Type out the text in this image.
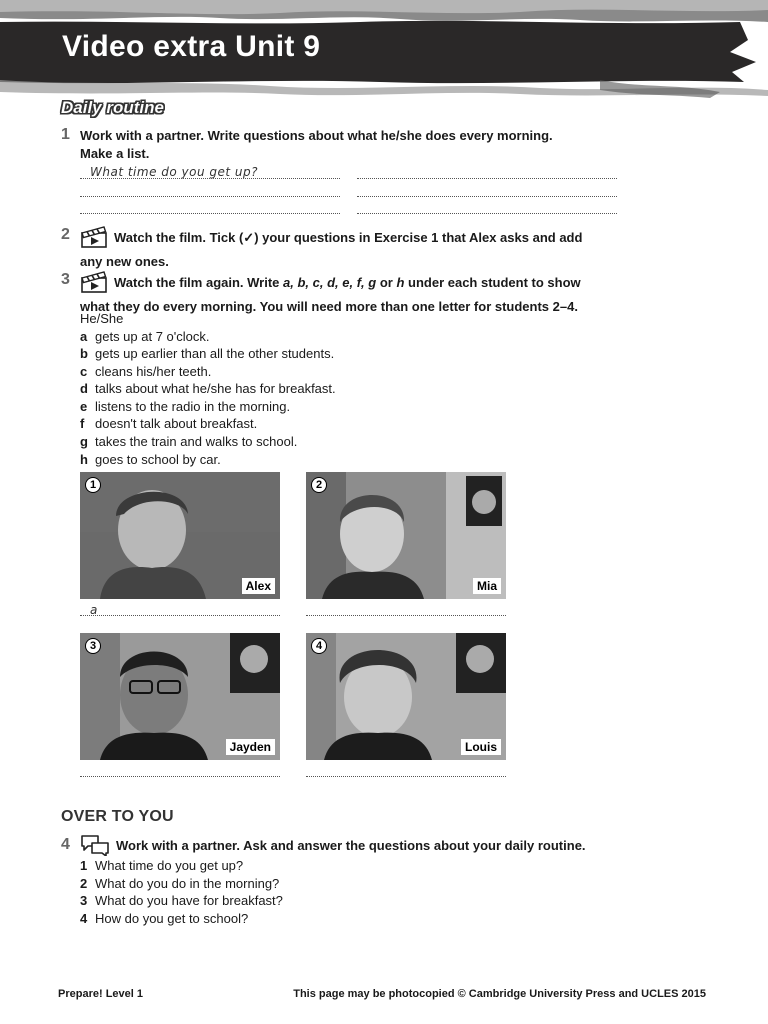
Video extra Unit 9
Daily routine
1 Work with a partner. Write questions about what he/she does every morning.
Make a list.
What time do you get up?
2	Watch the film. Tick (✓) your questions in Exercise 1 that Alex asks and add
any new ones.
3	Watch the film again. Write a, b, c, d, e, f, g or h under each student to show
what they do every morning. You will need more than one letter for students 2–4.
He/She
a gets up at 7 o'clock.
b gets up earlier than all the other students.
c cleans his/her teeth.
d talks about what he/she has for breakfast.
e listens to the radio in the morning.
f doesn't talk about breakfast.
g takes the train and walks to school.
h goes to school by car.
1
Alex
a
2
Mia
3
Jayden
4
Louis
OVER TO YOU
4	Work with a partner. Ask and answer the questions about your daily routine.
1 What time do you get up?
2 What do you do in the morning?
3 What do you have for breakfast?
4 How do you get to school?
Prepare! Level 1	This page may be photocopied © Cambridge University Press and UCLES 2015
